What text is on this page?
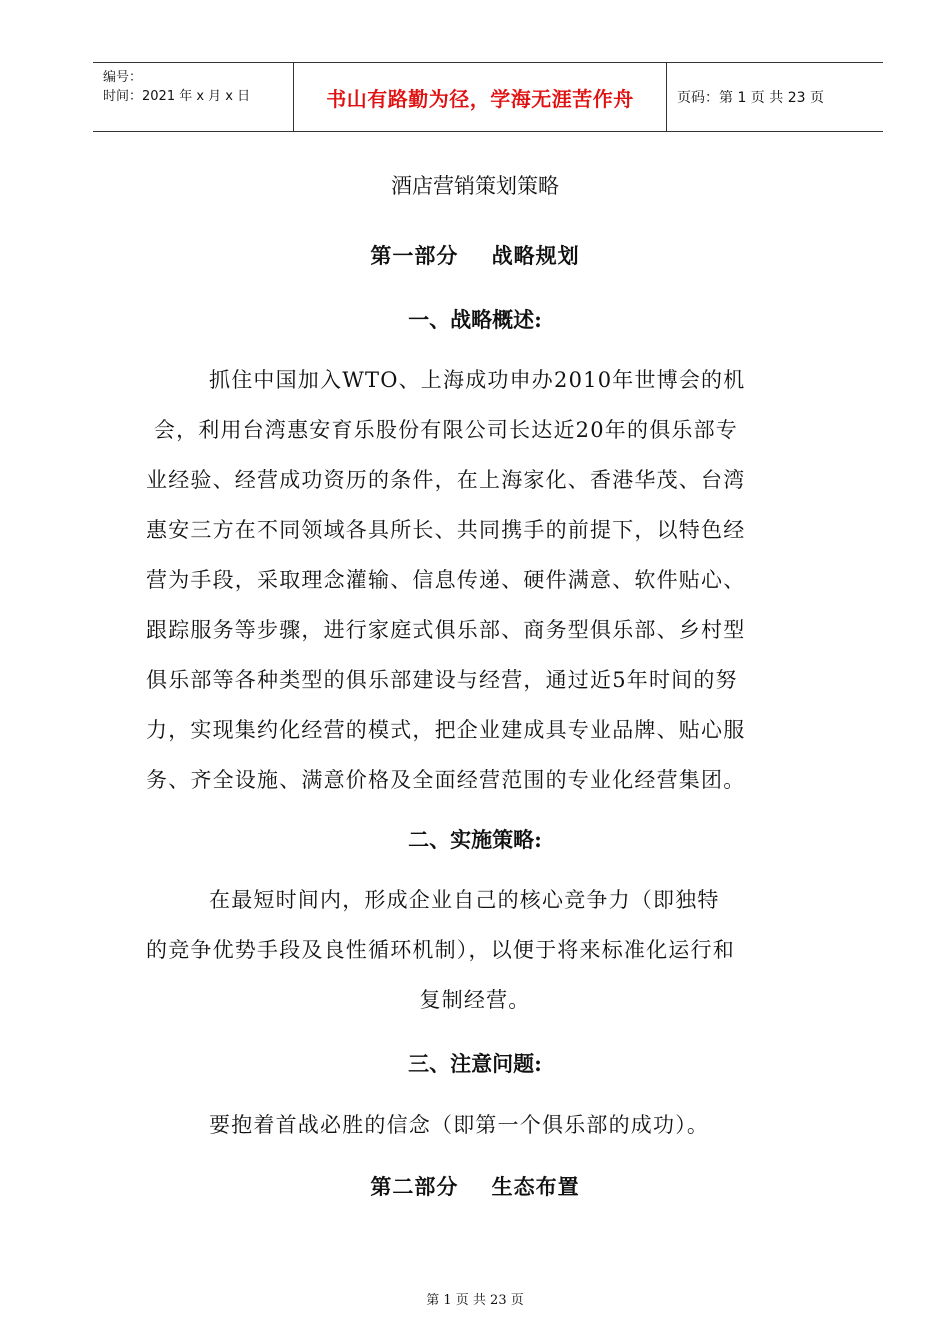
编号：
时间：2021 年 x 月 x 日	书山有路勤为径，学海无涯苦作舟	页码：第 1 页 共 23 页
酒店营销策划策略
第一部分    战略规划
一、战略概述:
抓住中国加入WTO、上海成功申办2010年世博会的机
会，利用台湾惠安育乐股份有限公司长达近20年的俱乐部专
业经验、经营成功资历的条件，在上海家化、香港华茂、台湾
惠安三方在不同领域各具所长、共同携手的前提下，以特色经
营为手段，采取理念灌输、信息传递、硬件满意、软件贴心、
跟踪服务等步骤，进行家庭式俱乐部、商务型俱乐部、乡村型
俱乐部等各种类型的俱乐部建设与经营，通过近5年时间的努
力，实现集约化经营的模式，把企业建成具专业品牌、贴心服
务、齐全设施、满意价格及全面经营范围的专业化经营集团。
二、实施策略:
在最短时间内，形成企业自己的核心竞争力（即独特
的竞争优势手段及良性循环机制），以便于将来标准化运行和
复制经营。
三、注意问题:
要抱着首战必胜的信念（即第一个俱乐部的成功）。
第二部分    生态布置
第 1 页 共 23 页
